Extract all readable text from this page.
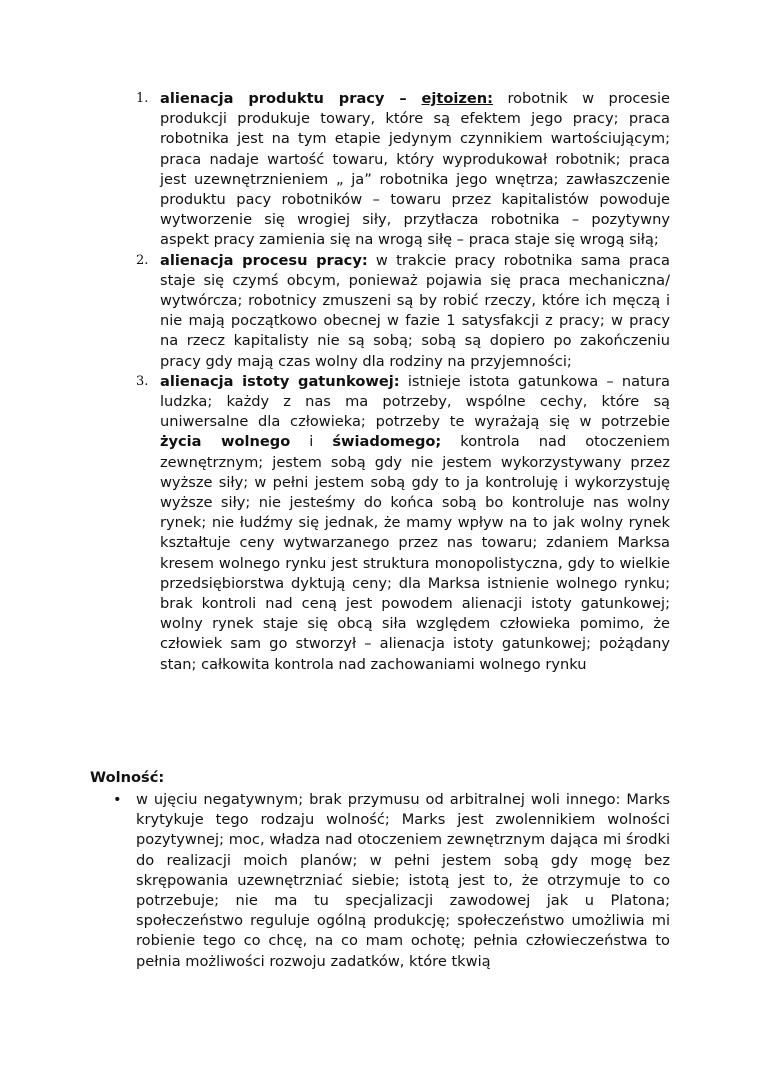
1. alienacja produktu pracy – ejtoizen: robotnik w procesie produkcji produkuje towary, które są efektem jego pracy; praca robotnika jest na tym etapie jedynym czynnikiem wartościującym; praca nadaje wartość towaru, który wyprodukował robotnik; praca jest uzewnętrznieniem „ ja” robotnika jego wnętrza; zawłaszczenie produktu pacy robotników – towaru przez kapitalistów powoduje wytworzenie się wrogiej siły, przytłacza robotnika – pozytywny aspekt pracy zamienia się na wrogą siłę – praca staje się wrogą siłą;
2. alienacja procesu pracy: w trakcie pracy robotnika sama praca staje się czymś obcym, ponieważ pojawia się praca mechaniczna/ wytwórcza; robotnicy zmuszeni są by robić rzeczy, które ich męczą i nie mają początkowo obecnej w fazie 1 satysfakcji z pracy; w pracy na rzecz kapitalisty nie są sobą; sobą są dopiero po zakończeniu pracy gdy mają czas wolny dla rodziny na przyjemności;
3. alienacja istoty gatunkowej: istnieje istota gatunkowa – natura ludzka; każdy z nas ma potrzeby, wspólne cechy, które są uniwersalne dla człowieka; potrzeby te wyrażają się w potrzebie życia wolnego i świadomego; kontrola nad otoczeniem zewnętrznym; jestem sobą gdy nie jestem wykorzystywany przez wyższe siły; w pełni jestem sobą gdy to ja kontroluję i wykorzystuję wyższe siły; nie jesteśmy do końca sobą bo kontroluje nas wolny rynek; nie łudźmy się jednak, że mamy wpływ na to jak wolny rynek kształtuje ceny wytwarzanego przez nas towaru; zdaniem Marksa kresem wolnego rynku jest struktura monopolistyczna, gdy to wielkie przedsiębiorstwa dyktują ceny; dla Marksa istnienie wolnego rynku; brak kontroli nad ceną jest powodem alienacji istoty gatunkowej; wolny rynek staje się obcą siła względem człowieka pomimo, że człowiek sam go stworzył – alienacja istoty gatunkowej; pożądany stan; całkowita kontrola nad zachowaniami wolnego rynku
Wolność:
• w ujęciu negatywnym; brak przymusu od arbitralnej woli innego: Marks krytykuje tego rodzaju wolność; Marks jest zwolennikiem wolności pozytywnej; moc, władza nad otoczeniem zewnętrznym dająca mi środki do realizacji moich planów; w pełni jestem sobą gdy mogę bez skrępowania uzewnętrzniać siebie; istotą jest to, że otrzymuje to co potrzebuje; nie ma tu specjalizacji zawodowej jak u Platona; społeczeństwo reguluje ogólną produkcję; społeczeństwo umożliwia mi robienie tego co chcę, na co mam ochotę; pełnia człowieczeństwa to pełnia możliwości rozwoju zadatków, które tkwią
